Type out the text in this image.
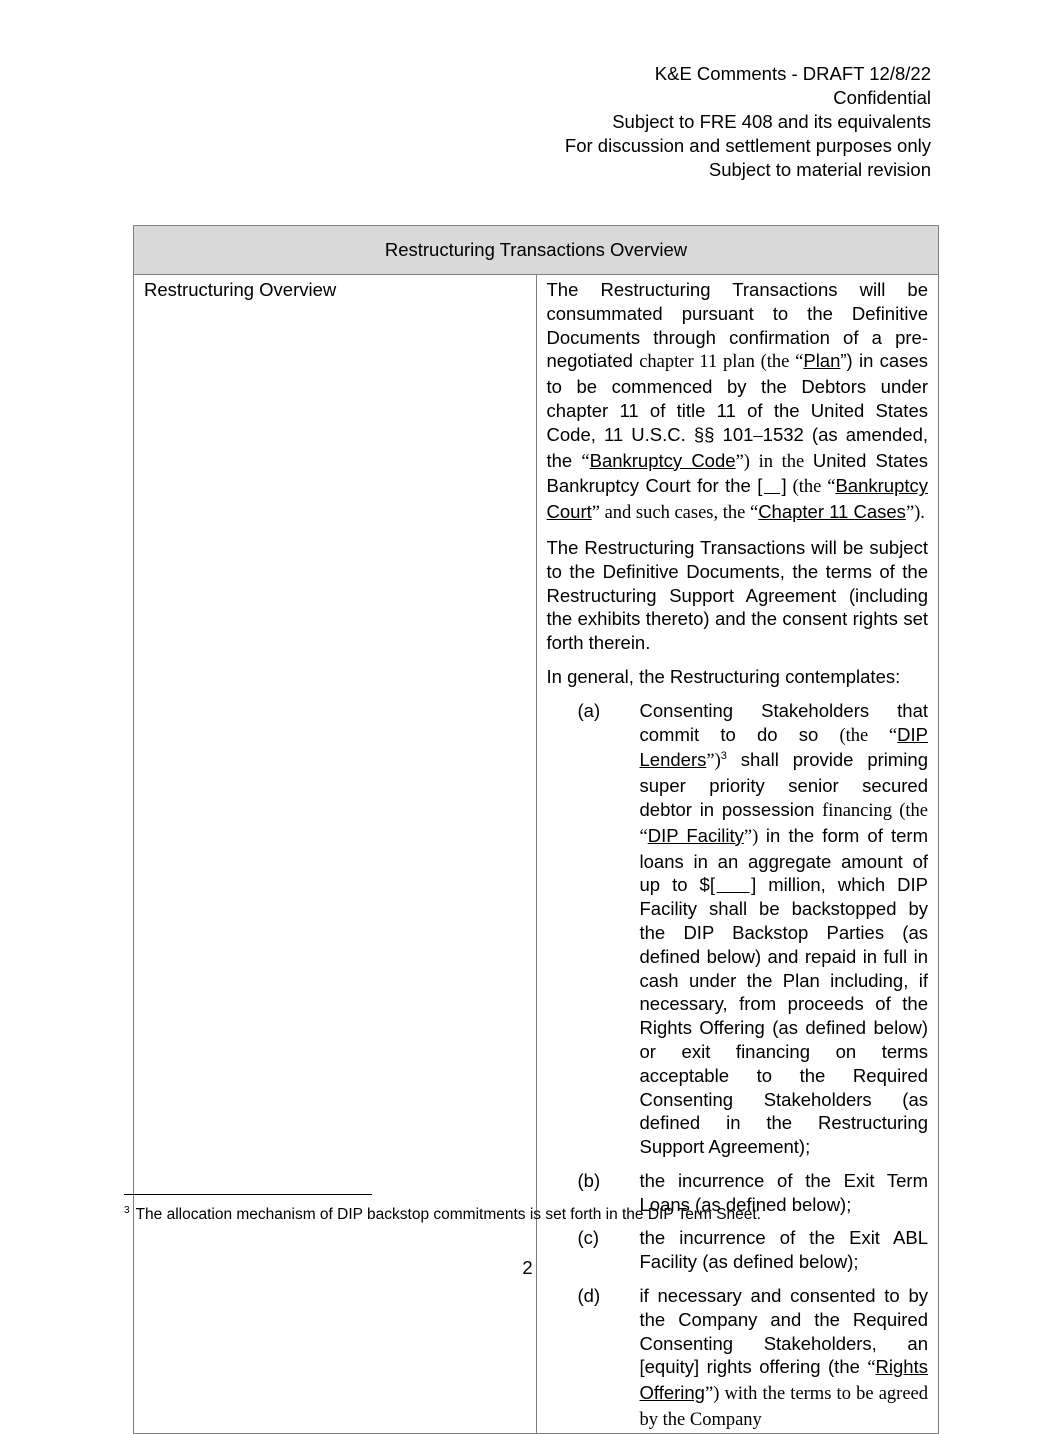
K&E Comments - DRAFT 12/8/22
Confidential
Subject to FRE 408 and its equivalents
For discussion and settlement purposes only
Subject to material revision
Restructuring Transactions Overview
Restructuring Overview	The Restructuring Transactions will be consummated pursuant to the Definitive Documents through confirmation of a pre-negotiated chapter 11 plan (the “Plan”) in cases to be commenced by the Debtors under chapter 11 of title 11 of the United States Code, 11 U.S.C. §§ 101–1532 (as amended, the “Bankruptcy Code”) in the United States Bankruptcy Court for the [   ] (the “Bankruptcy Court” and such cases, the “Chapter 11 Cases”).

The Restructuring Transactions will be subject to the Definitive Documents, the terms of the Restructuring Support Agreement (including the exhibits thereto) and the consent rights set forth therein.

In general, the Restructuring contemplates:

(a)	Consenting Stakeholders that commit to do so (the “DIP Lenders”)$^3$ shall provide priming super priority senior secured debtor in possession financing (the “DIP Facility”) in the form of term loans in an aggregate amount of up to $[   ] million, which DIP Facility shall be backstopped by the DIP Backstop Parties (as defined below) and repaid in full in cash under the Plan including, if necessary, from proceeds of the Rights Offering (as defined below) or exit financing on terms acceptable to the Required Consenting Stakeholders (as defined in the Restructuring Support Agreement);
(b)	the incurrence of the Exit Term Loans (as defined below);
(c)	the incurrence of the Exit ABL Facility (as defined below);
(d)	if necessary and consented to by the Company and the Required Consenting Stakeholders, an [equity] rights offering (the “Rights Offering”) with the terms to be agreed by the Company
$^3$ The allocation mechanism of DIP backstop commitments is set forth in the DIP Term Sheet.
2
